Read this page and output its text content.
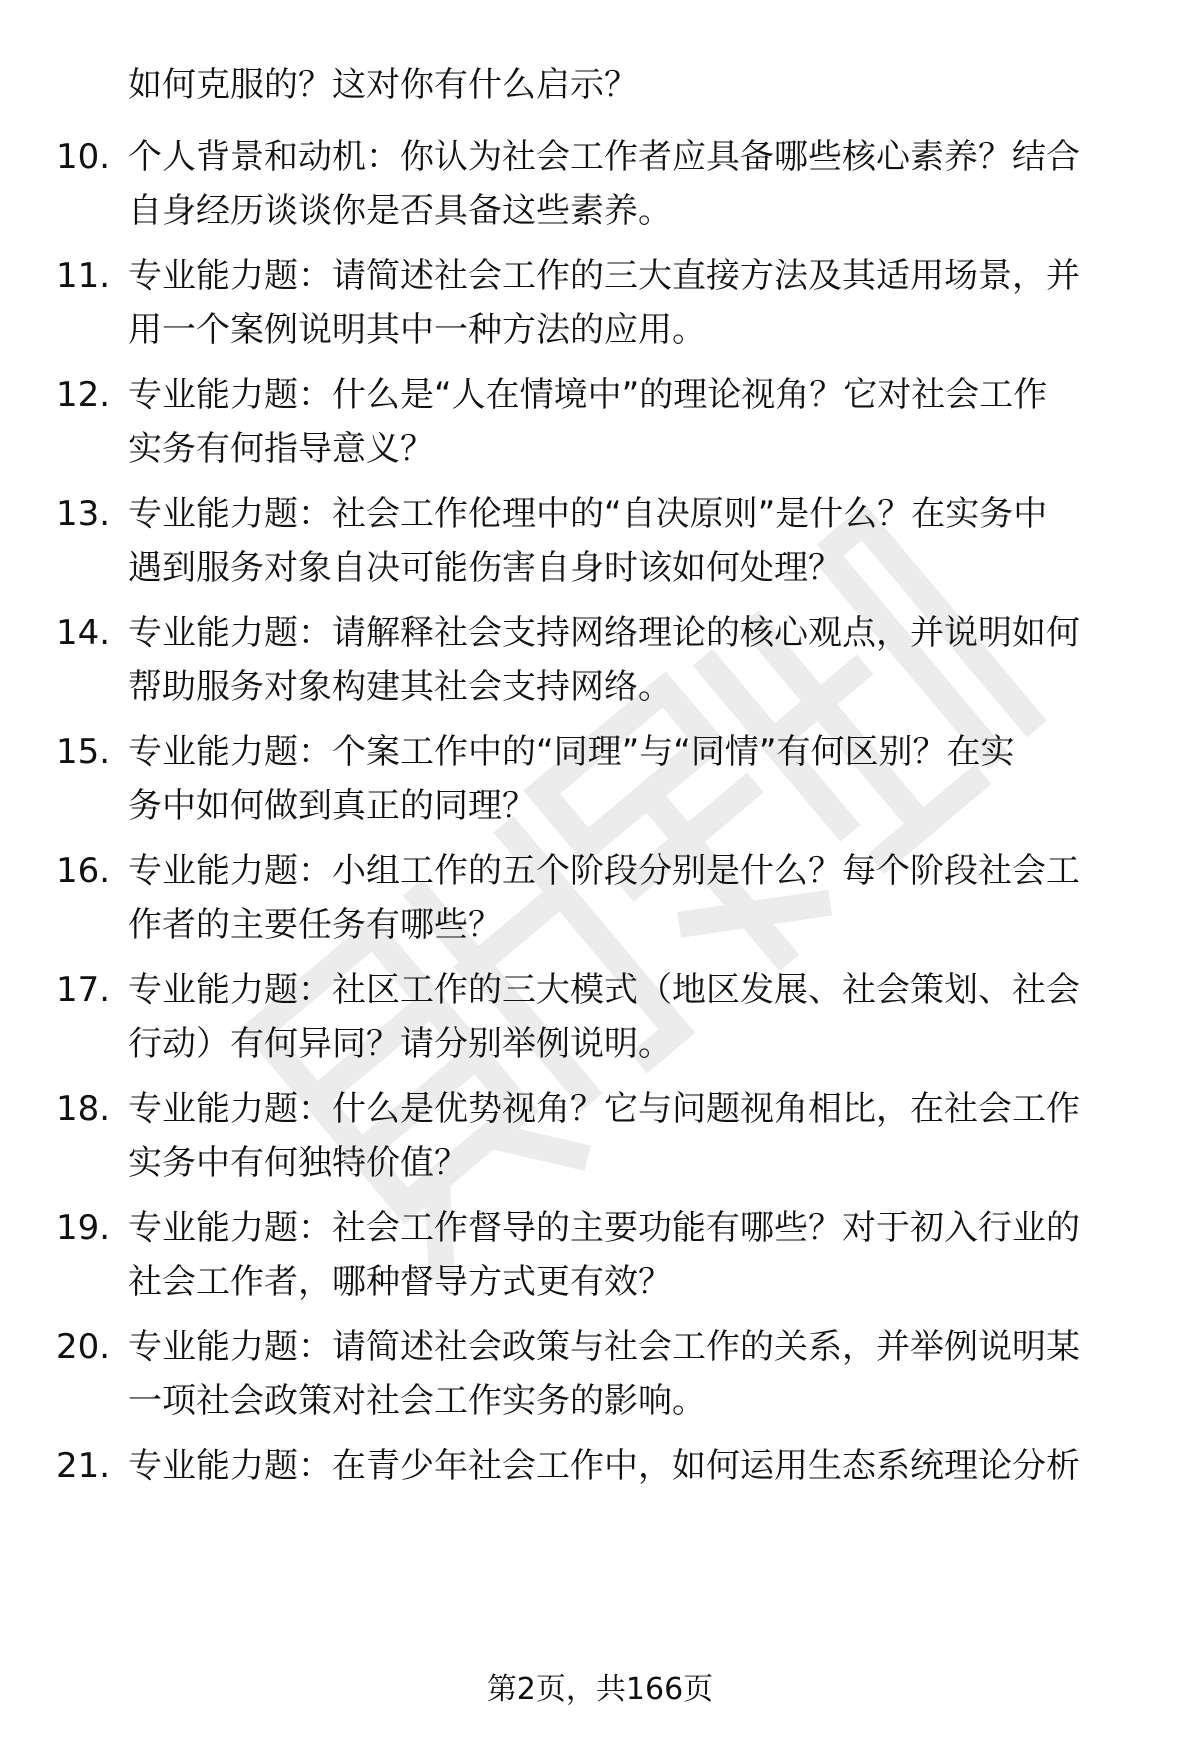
如何克服的？这对你有什么启示？
10. 个人背景和动机：你认为社会工作者应具备哪些核心素养？结合
自身经历谈谈你是否具备这些素养。
11. 专业能力题：请简述社会工作的三大直接方法及其适用场景，并
用一个案例说明其中一种方法的应用。
12. 专业能力题：什么是“人在情境中”的理论视角？它对社会工作
实务有何指导意义？
13. 专业能力题：社会工作伦理中的“自决原则”是什么？在实务中
遇到服务对象自决可能伤害自身时该如何处理？
14. 专业能力题：请解释社会支持网络理论的核心观点，并说明如何
帮助服务对象构建其社会支持网络。
15. 专业能力题：个案工作中的“同理”与“同情”有何区别？在实
务中如何做到真正的同理？
16. 专业能力题：小组工作的五个阶段分别是什么？每个阶段社会工
作者的主要任务有哪些？
17. 专业能力题：社区工作的三大模式（地区发展、社会策划、社会
行动）有何异同？请分别举例说明。
18. 专业能力题：什么是优势视角？它与问题视角相比，在社会工作
实务中有何独特价值？
19. 专业能力题：社会工作督导的主要功能有哪些？对于初入行业的
社会工作者，哪种督导方式更有效？
20. 专业能力题：请简述社会政策与社会工作的关系，并举例说明某
一项社会政策对社会工作实务的影响。
21. 专业能力题：在青少年社会工作中，如何运用生态系统理论分析
第2页，共166页
